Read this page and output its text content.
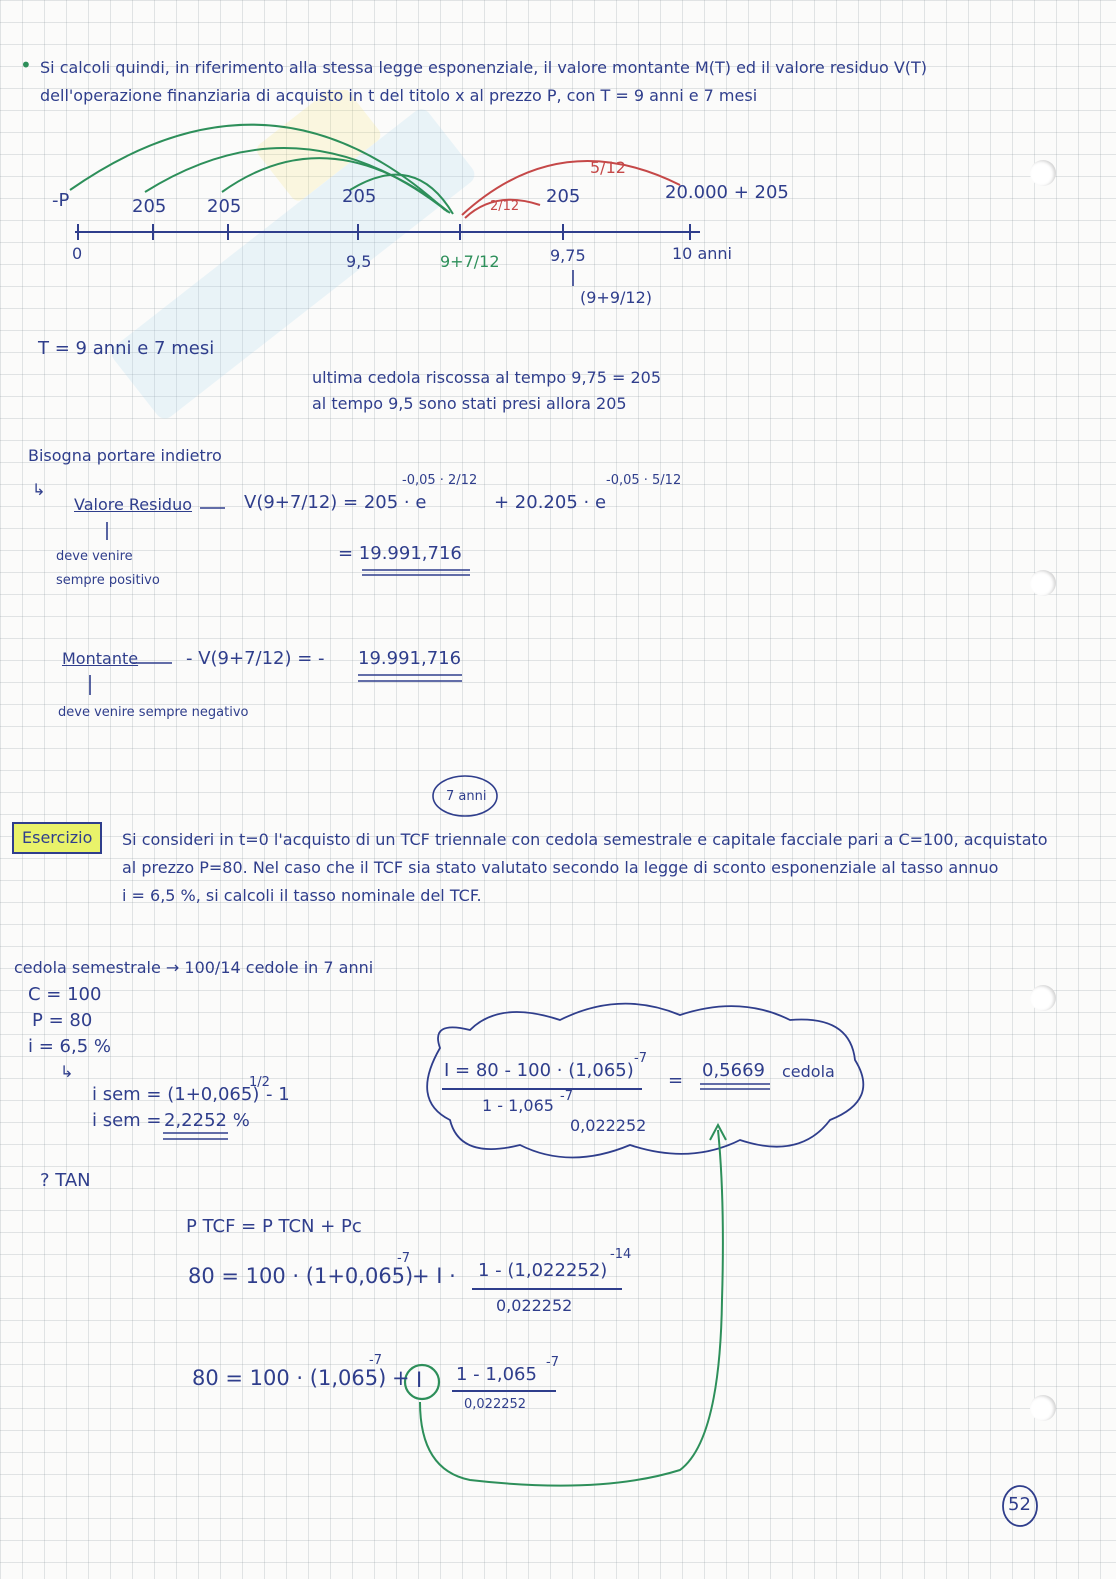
• Si calcoli quindi, in riferimento alla stessa legge esponenziale, il valore montante M(T) ed il valore residuo V(T)
dell'operazione finanziaria di acquisto in t del titolo x al prezzo P, con T = 9 anni e 7 mesi
-P	205 205	205	205	20.000 + 205
2/12
5/12
0	9,5	9+7/12	9,75	10 anni
(9+9/12)
T = 9 anni e 7 mesi
ultima cedola riscossa al tempo 9,75 = 205
al tempo 9,5 sono stati presi allora 205
Bisogna portare indietro
↳
Valore Residuo	V(9+7/12) = 205 · e
-0,05 · 2/12
+ 20.205 · e
-0,05 · 5/12
= 19.991,716
deve venire
sempre positivo
Montante	- V(9+7/12) = - 19.991,716
deve venire sempre negativo
7 anni
Esercizio	Si consideri in t=0 l'acquisto di un TCF triennale con cedola semestrale e capitale facciale pari a C=100, acquistato
al prezzo P=80. Nel caso che il TCF sia stato valutato secondo la legge di sconto esponenziale al tasso annuo
i = 6,5 %, si calcoli il tasso nominale del TCF.
cedola semestrale → 100/14 cedole in 7 anni
C = 100
P = 80
i = 6,5 %
↳
i sem = (1+0,065)
1/2
- 1
i sem = 2,2252 %
? TAN
I = 80 - 100 · (1,065)
-7
1 - 1,065 -7
0,022252
= 0,5669 cedola
P TCF = P TCN + Pc
80 = 100 · (1+0,065)
-7
+ I · 1 - (1,022252)
-14
0,022252
80 = 100 · (1,065)
-7
+ I 1 - 1,065
-7
0,022252
52
